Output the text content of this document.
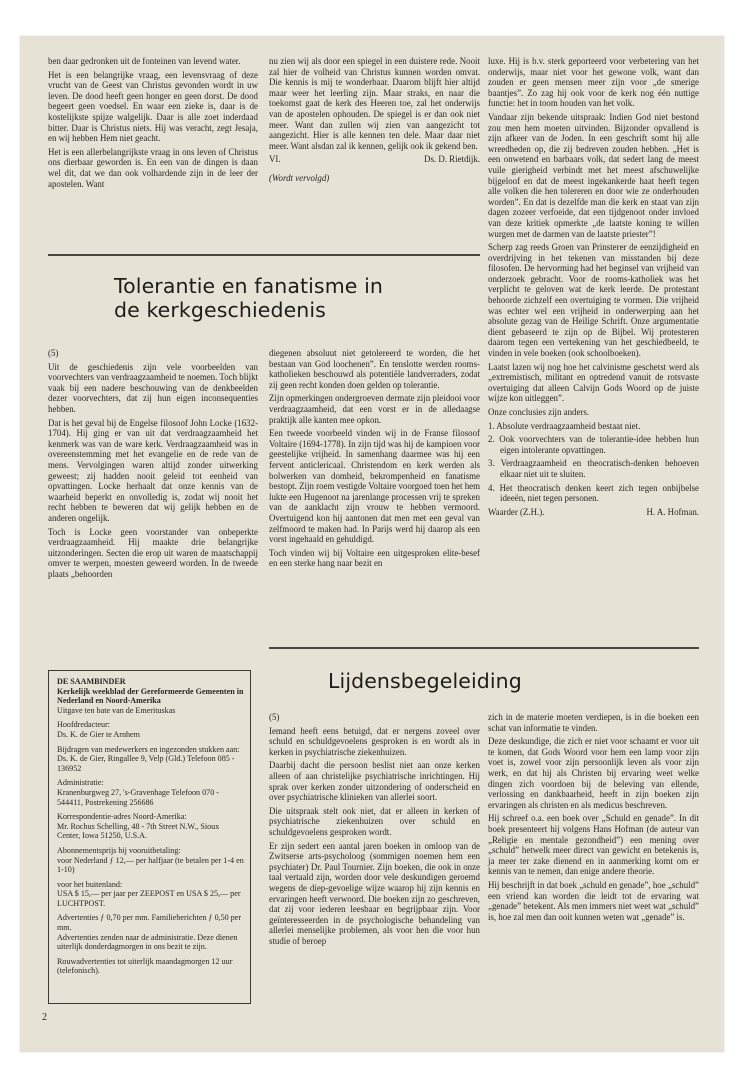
ben daar gedronken uit de fonteinen van levend water.

Het is een belangrijke vraag, een levensvraag of deze vrucht van de Geest van Christus gevonden wordt in uw leven. De dood heeft geen honger en geen dorst. De dood begeert geen voedsel. En waar een zieke is, daar is de kostelijkste spijze walgelijk. Daar is alle zoet inderdaad bitter. Daar is Christus niets. Hij was veracht, zegt Jesaja, en wij hebben Hem niet geacht.

Het is een allerbelangrijkste vraag in ons leven of Christus ons dierbaar geworden is. En een van de dingen is daan wel dit, dat we dan ook volhardende zijn in de leer der apostelen. Want

nu zien wij als door een spiegel in een duistere rede. Nooit zal hier de volheid van Christus kunnen worden omvat. Die kennis is mij te wonderbaar. Daarom blijft hier altijd maar weer het leerling zijn. Maar straks, en naar die toekomst gaat de kerk des Heeren toe, zal het onderwijs van de apostelen ophouden. De spiegel is er dan ook niet meer. Want dan zullen wij zien van aangezicht tot aangezicht. Hier is alle kennen ten dele. Maar daar niet meer. Want alsdan zal ik kennen, gelijk ook ik gekend ben.

VI.	Ds. D. Rietdijk.

(Wordt vervolgd)

luxe. Hij is b.v. sterk geporteerd voor verbetering van het onderwijs, maar niet voor het gewone volk, want dan zouden er geen mensen meer zijn voor „de smerige baantjes”. Zo zag hij ook voor de kerk nog één nuttige functie: het in toom houden van het volk.

Vandaar zijn bekende uitspraak: Indien God niet bestond zou men hem moeten uitvinden. Bijzonder opvallend is zijn afkeer van de Joden. In een geschrift somt hij alle wreedheden op, die zij bedreven zouden hebben. „Het is een onwetend en barbaars volk, dat sedert lang de meest vuile gierigheid verbindt met het meest afschuwelijke bijgeloof en dat de meest ingekankerde haat heeft tegen alle volken die hen tolereren en door wie ze onderhouden worden”. En dat is dezelfde man die kerk en staat van zijn dagen zozeer verfoeide, dat een tijdgenoot onder invloed van deze kritiek opmerkte „de laatste koning te willen wurgen met de darmen van de laatste priester”!

Scherp zag reeds Groen van Prinsterer de eenzijdigheid en overdrijving in het tekenen van misstanden bij deze filosofen. De hervorming had het beginsel van vrijheid van onderzoek gebracht. Voor de rooms-katholiek was het verplicht te geloven wat de kerk leerde. De protestant behoorde zichzelf een overtuiging te vormen. Die vrijheid was echter wel een vrijheid in onderwerping aan het absolute gezag van de Heilige Schrift. Onze argumentatie dient gebaseerd te zijn op de Bijbel. Wij protesteren daarom tegen een vertekening van het geschiedbeeld, te vinden in vele boeken (ook schoolboeken).

Laatst lazen wij nog hoe het calvinisme geschetst werd als „extremistisch, militant en optredend vanuit de rotsvaste overtuiging dat alleen Calvijn Gods Woord op de juiste wijze kon uitleggen”.

Onze conclusies zijn anders.

1. Absolute verdraagzaamheid bestaat niet.
2. Ook voorvechters van de tolerantie-idee hebben hun eigen intolerante opvattingen.
3. Verdraagzaamheid en theocratisch-denken behoeven elkaar niet uit te sluiten.
4. Het theocratisch denken keert zich tegen onbijbelse ideeën, niet tegen personen.
Waarder (Z.H.).	H. A. Hofman.
Tolerantie en fanatisme in
de kerkgeschiedenis

(5)

Uit de geschiedenis zijn vele voorbeelden van voorvechters van verdraagzaamheid te noemen. Toch blijkt vaak bij een nadere beschouwing van de denkbeelden dezer voorvechters, dat zij hun eigen inconsequenties hebben.

Dat is het geval bij de Engelse filosoof John Locke (1632-1704). Hij ging er van uit dat verdraagzaamheid het kenmerk was van de ware kerk. Verdraagzaamheid was in overeenstemming met het evangelie en de rede van de mens. Vervolgingen waren altijd zonder uitwerking geweest; zij hadden nooit geleid tot eenheid van opvattingen. Locke herhaalt dat onze kennis van de waarheid beperkt en onvolledig is, zodat wij nooit het recht hebben te beweren dat wij gelijk hebben en de anderen ongelijk.

Toch is Locke geen voorstander van onbeperkte verdraagzaamheid. Hij maakte drie belangrijke uitzonderingen. Secten die erop uit waren de maatschappij omver te werpen, moesten geweerd worden. In de tweede plaats „behoorden

diegenen absoluut niet getolereerd te worden, die het bestaan van God loochenen”. En tenslotte werden rooms-katholieken beschouwd als potentiële landverraders, zodat zij geen recht konden doen gelden op tolerantie.

Zijn opmerkingen ondergroeven dermate zijn pleidooi voor verdraagzaamheid, dat een vorst er in de alledaagse praktijk alle kanten mee opkon.

Een tweede voorbeeld vinden wij in de Franse filosoof Voltaire (1694-1778). In zijn tijd was hij de kampioen voor geestelijke vrijheid. In samenhang daarmee was hij een fervent anticlericaal. Christendom en kerk werden als bolwerken van domheid, bekrompenheid en fanatisme bestopt. Zijn roem vestigde Voltaire voorgoed toen het hem lukte een Hugenoot na jarenlange processen vrij te spreken van de aanklacht zijn vrouw te hebben vermoord. Overtuigend kon hij aantonen dat men met een geval van zelfmoord te maken had. In Parijs werd hij daarop als een vorst ingehaald en gehuldigd.

Toch vinden wij bij Voltaire een uitgesproken elite-besef en een sterke hang naar bezit en

DE SAAMBINDER

Kerkelijk weekblad der Gereformeerde Gemeenten in Nederland en Noord-Amerika

Uitgave ten bate van de Emerituskas

Hoofdredacteur:

Ds. K. de Gier te Arnhem

Bijdragen van medewerkers en ingezonden stukken aan:

Ds. K. de Gier, Ringallee 9, Velp (Gld.) Telefoon 085 - 136952

Administratie:

Kranenburgweg 27, 's-Gravenhage Telefoon 070 - 544411, Postrekening 256686

Korrespondentie-adres Noord-Amerika:

Mr. Rochus Schelling, 48 - 7th Street N.W., Sioux Center, Iowa 51250, U.S.A.

Abonnementsprijs bij vooruitbetaling:

voor Nederland ƒ 12,— per halfjaar (te betalen per 1-4 en 1-10)

voor het buitenland:

USA $ 15,— per jaar per ZEEPOST en USA $ 25,— per LUCHTPOST.

Advertenties ƒ 0,70 per mm. Familieberichten ƒ 0,50 per mm.

Advertenties zenden naar de administratie. Deze dienen uiterlijk donderdagmorgen in ons bezit te zijn.

Rouwadvertenties tot uiterlijk maandagmorgen 12 uur (telefonisch).

Lijdensbegeleiding

(5)

Iemand heeft eens betuigd, dat er nergens zoveel over schuld en schuldgevoelens gesproken is en wordt als in kerken in psychiatrische ziekenhuizen.

Daarbij dacht die persoon beslist niet aan onze kerken alleen of aan christelijke psychiatrische inrichtingen. Hij sprak over kerken zonder uitzondering of onderscheid en over psychiatrische klinieken van allerlei soort.

Die uitspraak stelt ook niet, dat er alleen in kerken of psychiatrische ziekenhuizen over schuld en schuldgevoelens gesproken wordt.

Er zijn sedert een aantal jaren boeken in omloop van de Zwitserse arts-psycholoog (sommigen noemen hem een psychiater) Dr. Paul Tournier. Zijn boeken, die ook in onze taal vertaald zijn, worden door vele deskundigen geroemd wegens de diep-gevoelige wijze waarop hij zijn kennis en ervaringen heeft verwoord. Die boeken zijn zo geschreven, dat zij voor iederen leesbaar en begrijpbaar zijn. Voor geïnteresseerden in de psychologische behandeling van allerlei menselijke problemen, als voor hen die voor hun studie of beroep

zich in de materie moeten verdiepen, is in die boeken een schat van informatie te vinden.

Deze deskundige, die zich er niet voor schaamt er voor uit te komen, dat Gods Woord voor hem een lamp voor zijn voet is, zowel voor zijn persoonlijk leven als voor zijn werk, en dat hij als Christen bij ervaring weet welke dingen zich voordoen bij de beleving van ellende, verlossing en dankbaarheid, heeft in zijn boeken zijn ervaringen als christen en als medicus beschreven.

Hij schreef o.a. een boek over „Schuld en genade”. In dit boek presenteert hij volgens Hans Hofman (de auteur van „Religie en mentale gezondheid”) een mening over „schuld” hetwelk meer direct van gewicht en betekenis is, ja meer ter zake dienend en in aanmerking komt om er kennis van te nemen, dan enige andere theorie.

Hij beschrijft in dat boek „schuld en genade”, hoe „schuld” een vriend kan worden die leidt tot de ervaring wat „genade” betekent. Als men immers niet weet wat „schuld” is, hoe zal men dan ooit kunnen weten wat „genade” is.

2
